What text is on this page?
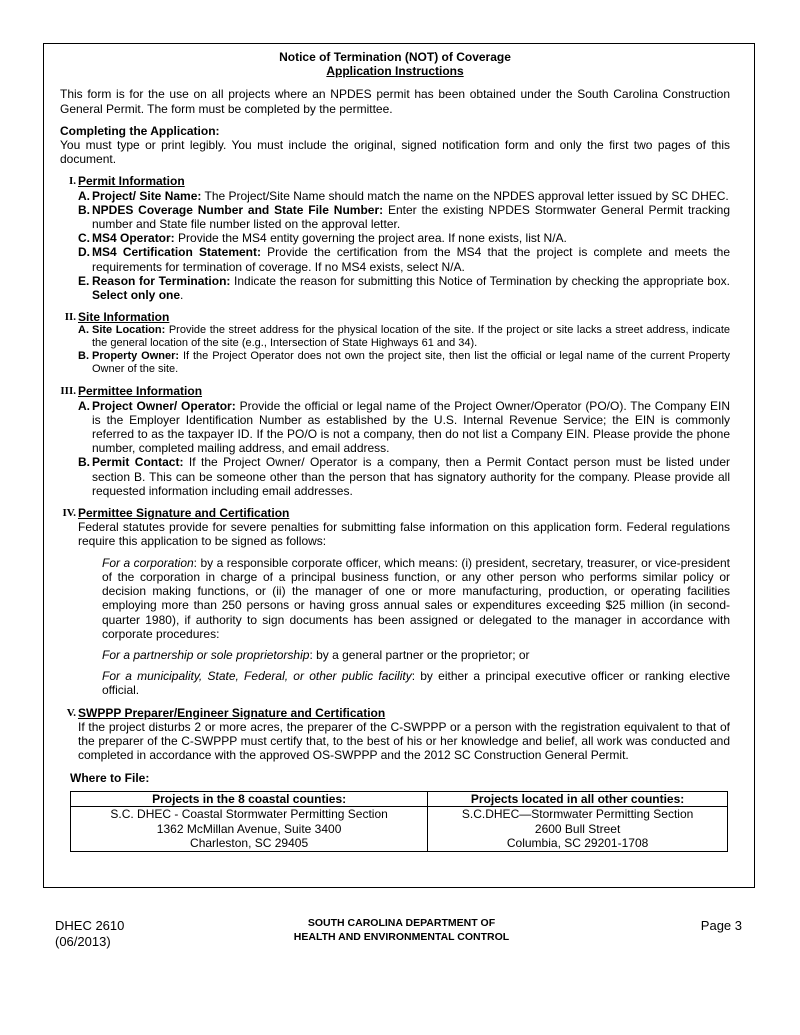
Notice of Termination (NOT) of Coverage

Application Instructions

This form is for the use on all projects where an NPDES permit has been obtained under the South Carolina Construction General Permit. The form must be completed by the permittee.

Completing the Application:

You must type or print legibly. You must include the original, signed notification form and only the first two pages of this document.

I. Permit Information
A. Project/ Site Name: The Project/Site Name should match the name on the NPDES approval letter issued by SC DHEC.
B. NPDES Coverage Number and State File Number: Enter the existing NPDES Stormwater General Permit tracking number and State file number listed on the approval letter.
C. MS4 Operator: Provide the MS4 entity governing the project area. If none exists, list N/A.
D. MS4 Certification Statement: Provide the certification from the MS4 that the project is complete and meets the requirements for termination of coverage. If no MS4 exists, select N/A.
E. Reason for Termination: Indicate the reason for submitting this Notice of Termination by checking the appropriate box. Select only one.
II. Site Information
A. Site Location: Provide the street address for the physical location of the site. If the project or site lacks a street address, indicate the general location of the site (e.g., Intersection of State Highways 61 and 34).
B. Property Owner: If the Project Operator does not own the project site, then list the official or legal name of the current Property Owner of the site.
III. Permittee Information
A. Project Owner/ Operator: Provide the official or legal name of the Project Owner/Operator (PO/O). The Company EIN is the Employer Identification Number as established by the U.S. Internal Revenue Service; the EIN is commonly referred to as the taxpayer ID. If the PO/O is not a company, then do not list a Company EIN. Please provide the phone number, completed mailing address, and email address.
B. Permit Contact: If the Project Owner/ Operator is a company, then a Permit Contact person must be listed under section B. This can be someone other than the person that has signatory authority for the company. Please provide all requested information including email addresses.
IV. Permittee Signature and Certification

Federal statutes provide for severe penalties for submitting false information on this application form. Federal regulations require this application to be signed as follows:

For a corporation: by a responsible corporate officer, which means: (i) president, secretary, treasurer, or vice-president of the corporation in charge of a principal business function, or any other person who performs similar policy or decision making functions, or (ii) the manager of one or more manufacturing, production, or operating facilities employing more than 250 persons or having gross annual sales or expenditures exceeding $25 million (in second-quarter 1980), if authority to sign documents has been assigned or delegated to the manager in accordance with corporate procedures:

For a partnership or sole proprietorship: by a general partner or the proprietor; or

For a municipality, State, Federal, or other public facility: by either a principal executive officer or ranking elective official.

V. SWPPP Preparer/Engineer Signature and Certification

If the project disturbs 2 or more acres, the preparer of the C-SWPPP or a person with the registration equivalent to that of the preparer of the C-SWPPP must certify that, to the best of his or her knowledge and belief, all work was conducted and completed in accordance with the approved OS-SWPPP and the 2012 SC Construction General Permit.

Where to File:

Projects in the 8 coastal counties:	Projects located in all other counties:
S.C. DHEC - Coastal Stormwater Permitting Section	S.C.DHEC—Stormwater Permitting Section
1362 McMillan Avenue, Suite 3400	2600 Bull Street
Charleston, SC 29405	Columbia, SC 29201-1708
DHEC 2610
(06/2013)
SOUTH CAROLINA DEPARTMENT OF
HEALTH AND ENVIRONMENTAL CONTROL
Page 3
